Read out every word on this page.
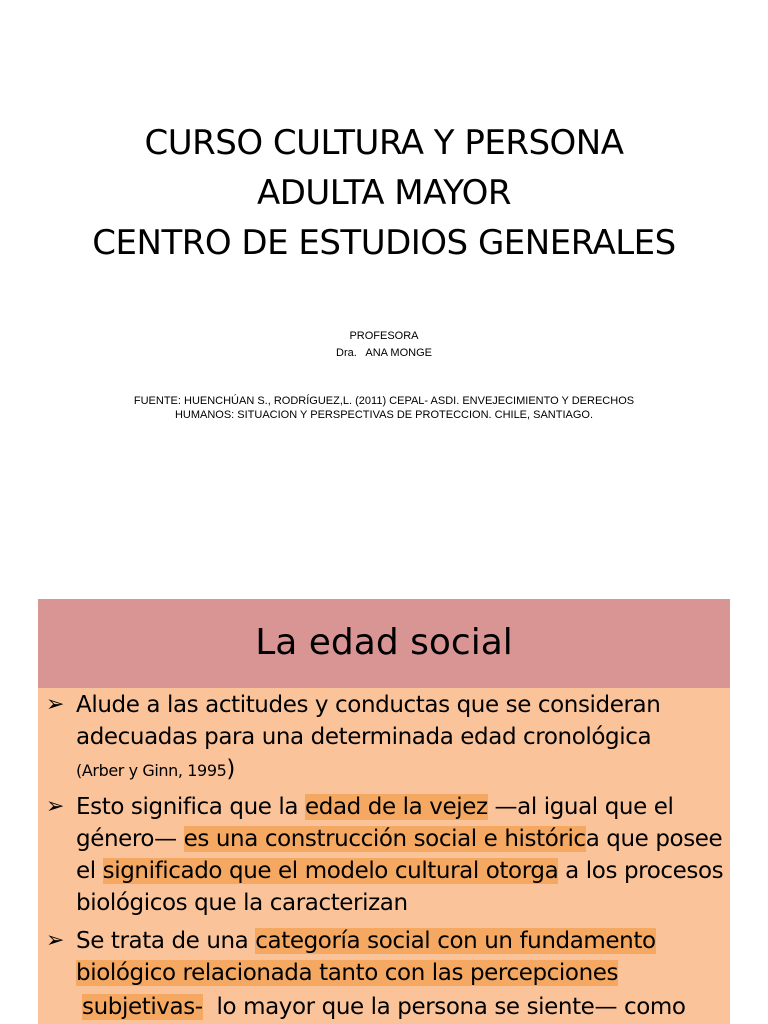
CURSO CULTURA Y PERSONA
ADULTA MAYOR
CENTRO DE ESTUDIOS GENERALES
PROFESORA
Dra.   ANA MONGE
FUENTE: HUENCHÚAN S., RODRÍGUEZ,L. (2011) CEPAL- ASDI. ENVEJECIMIENTO Y DERECHOS
HUMANOS: SITUACION Y PERSPECTIVAS DE PROTECCION. CHILE, SANTIAGO.
La edad social
➢ Alude a las actitudes y conductas que se consideran adecuadas para una determinada edad cronológica
(Arber y Ginn, 1995)
➢ Esto significa que la edad de la vejez —al igual que el género— es una construcción social e histórica que posee el significado que el modelo cultural otorga a los procesos biológicos que la caracterizan
➢ Se trata de una categoría social con un fundamento biológico relacionada tanto con las percepciones
subjetivas-  lo mayor que la persona se siente— como
